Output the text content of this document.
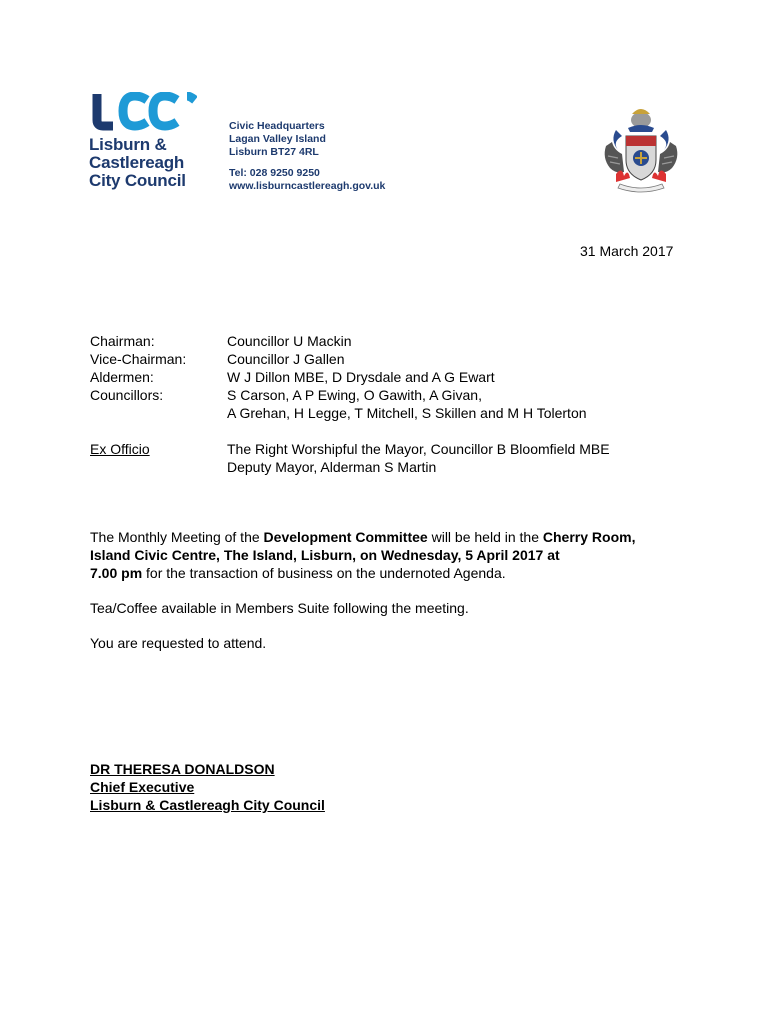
Lisburn &
Castlereagh
City Council
Civic Headquarters
Lagan Valley Island
Lisburn BT27 4RL
Tel: 028 9250 9250
www.lisburncastlereagh.gov.uk
31 March 2017
Chairman:	Councillor U Mackin
Vice-Chairman:	Councillor J Gallen
Aldermen:	W J Dillon MBE, D Drysdale and A G Ewart
Councillors:	S Carson, A P Ewing, O Gawith, A Givan,
A Grehan, H Legge, T Mitchell, S Skillen and M H Tolerton
Ex Officio	The Right Worshipful the Mayor, Councillor B Bloomfield MBE
Deputy Mayor, Alderman S Martin
The Monthly Meeting of the Development Committee will be held in the Cherry Room,
Island Civic Centre, The Island, Lisburn, on Wednesday, 5 April 2017 at
7.00 pm for the transaction of business on the undernoted Agenda.
Tea/Coffee available in Members Suite following the meeting.
You are requested to attend.
DR THERESA DONALDSON
Chief Executive
Lisburn & Castlereagh City Council
